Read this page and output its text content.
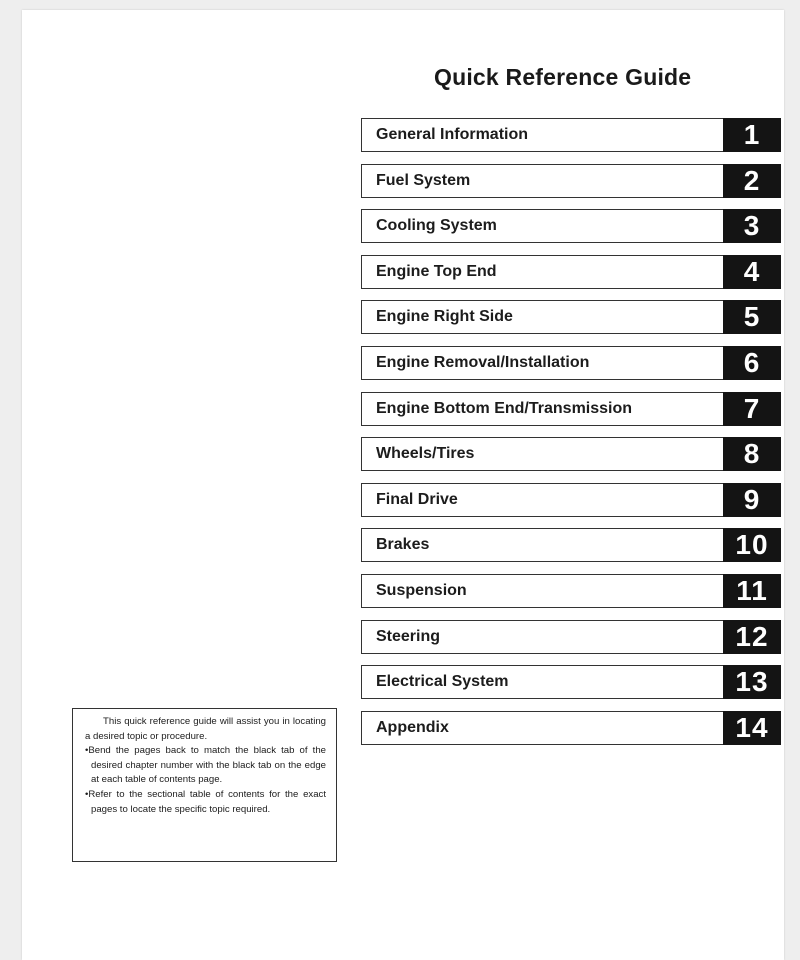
Quick Reference Guide
General Information	1
Fuel System	2
Cooling System	3
Engine Top End	4
Engine Right Side	5
Engine Removal/Installation	6
Engine Bottom End/Transmission	7
Wheels/Tires	8
Final Drive	9
Brakes	10
Suspension	11
Steering	12
Electrical System	13
Appendix	14

This quick reference guide will assist you in locating a desired topic or procedure.

•Bend the pages back to match the black tab of the desired chapter number with the black tab on the edge at each table of contents page.

•Refer to the sectional table of contents for the exact pages to locate the specific topic required.
